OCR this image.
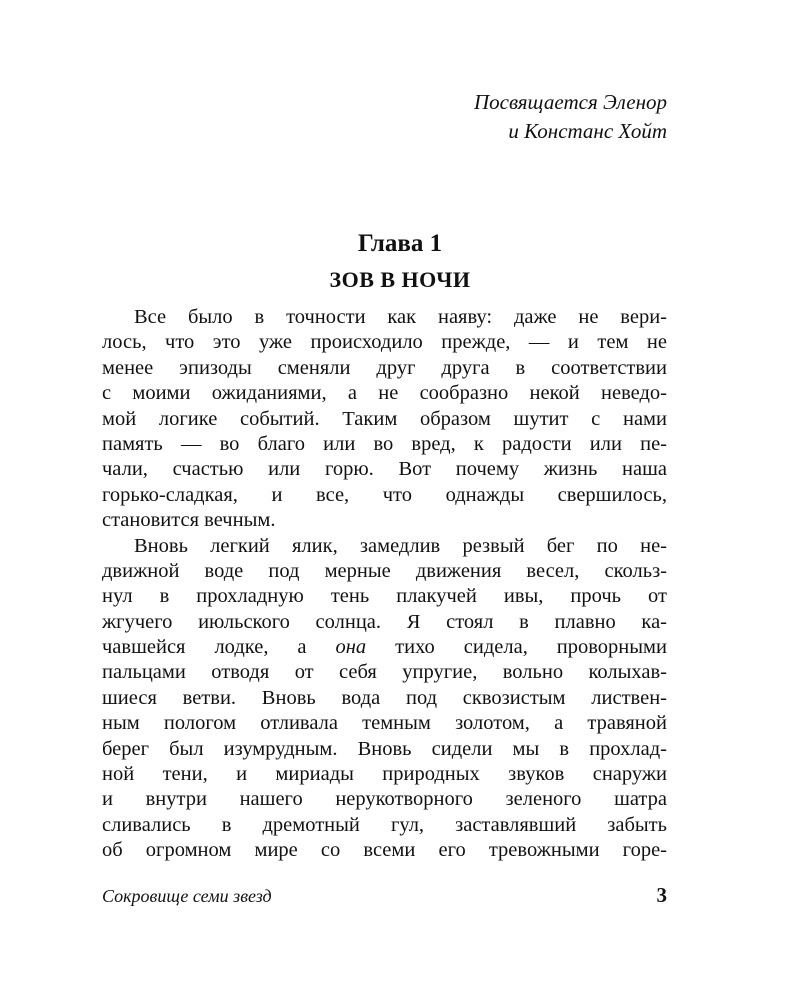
Посвящается Эленор
и Констанс Хойт
Глава 1
ЗОВ В НОЧИ
Все было в точности как наяву: даже не вери-
лось, что это уже происходило прежде, — и тем не
менее эпизоды сменяли друг друга в соответствии
с моими ожиданиями, а не сообразно некой неведо-
мой логике событий. Таким образом шутит с нами
память — во благо или во вред, к радости или пе-
чали, счастью или горю. Вот почему жизнь наша
горько-сладкая, и все, что однажды свершилось,
становится вечным.
Вновь легкий ялик, замедлив резвый бег по не-
движной воде под мерные движения весел, скольз-
нул в прохладную тень плакучей ивы, прочь от
жгучего июльского солнца. Я стоял в плавно ка-
чавшейся лодке, а она тихо сидела, проворными
пальцами отводя от себя упругие, вольно колыхав-
шиеся ветви. Вновь вода под сквозистым листвен-
ным пологом отливала темным золотом, а травяной
берег был изумрудным. Вновь сидели мы в прохлад-
ной тени, и мириады природных звуков снаружи
и внутри нашего нерукотворного зеленого шатра
сливались в дремотный гул, заставлявший забыть
об огромном мире со всеми его тревожными горе-
Сокровище семи звезд	3
